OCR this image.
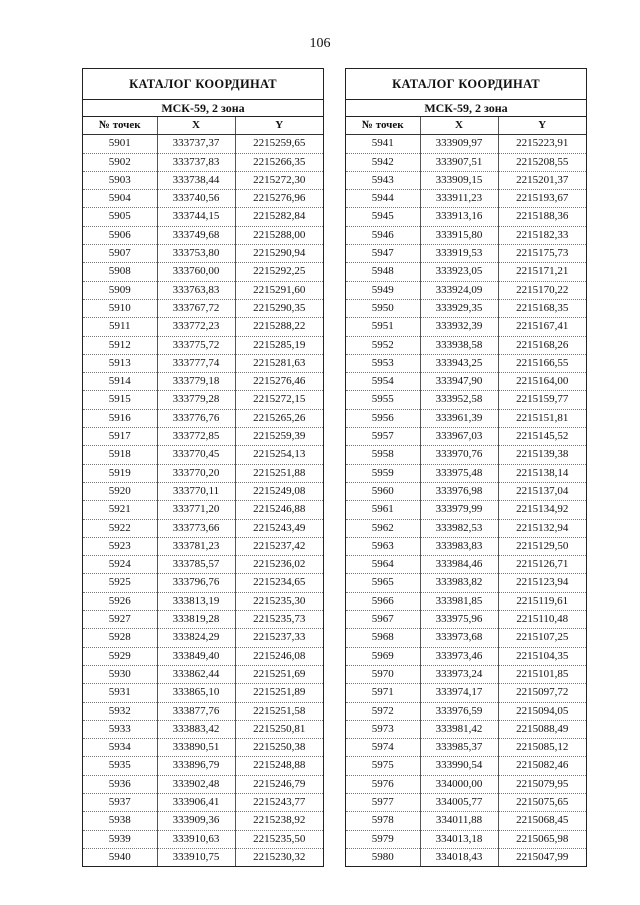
106
КАТАЛОГ КООРДИНАТ
МСК-59, 2 зона
№ точек	X	Y
5901	333737,37	2215259,65
5902	333737,83	2215266,35
5903	333738,44	2215272,30
5904	333740,56	2215276,96
5905	333744,15	2215282,84
5906	333749,68	2215288,00
5907	333753,80	2215290,94
5908	333760,00	2215292,25
5909	333763,83	2215291,60
5910	333767,72	2215290,35
5911	333772,23	2215288,22
5912	333775,72	2215285,19
5913	333777,74	2215281,63
5914	333779,18	2215276,46
5915	333779,28	2215272,15
5916	333776,76	2215265,26
5917	333772,85	2215259,39
5918	333770,45	2215254,13
5919	333770,20	2215251,88
5920	333770,11	2215249,08
5921	333771,20	2215246,88
5922	333773,66	2215243,49
5923	333781,23	2215237,42
5924	333785,57	2215236,02
5925	333796,76	2215234,65
5926	333813,19	2215235,30
5927	333819,28	2215235,73
5928	333824,29	2215237,33
5929	333849,40	2215246,08
5930	333862,44	2215251,69
5931	333865,10	2215251,89
5932	333877,76	2215251,58
5933	333883,42	2215250,81
5934	333890,51	2215250,38
5935	333896,79	2215248,88
5936	333902,48	2215246,79
5937	333906,41	2215243,77
5938	333909,36	2215238,92
5939	333910,63	2215235,50
5940	333910,75	2215230,32
КАТАЛОГ КООРДИНАТ
МСК-59, 2 зона
№ точек	X	Y
5941	333909,97	2215223,91
5942	333907,51	2215208,55
5943	333909,15	2215201,37
5944	333911,23	2215193,67
5945	333913,16	2215188,36
5946	333915,80	2215182,33
5947	333919,53	2215175,73
5948	333923,05	2215171,21
5949	333924,09	2215170,22
5950	333929,35	2215168,35
5951	333932,39	2215167,41
5952	333938,58	2215168,26
5953	333943,25	2215166,55
5954	333947,90	2215164,00
5955	333952,58	2215159,77
5956	333961,39	2215151,81
5957	333967,03	2215145,52
5958	333970,76	2215139,38
5959	333975,48	2215138,14
5960	333976,98	2215137,04
5961	333979,99	2215134,92
5962	333982,53	2215132,94
5963	333983,83	2215129,50
5964	333984,46	2215126,71
5965	333983,82	2215123,94
5966	333981,85	2215119,61
5967	333975,96	2215110,48
5968	333973,68	2215107,25
5969	333973,46	2215104,35
5970	333973,24	2215101,85
5971	333974,17	2215097,72
5972	333976,59	2215094,05
5973	333981,42	2215088,49
5974	333985,37	2215085,12
5975	333990,54	2215082,46
5976	334000,00	2215079,95
5977	334005,77	2215075,65
5978	334011,88	2215068,45
5979	334013,18	2215065,98
5980	334018,43	2215047,99
